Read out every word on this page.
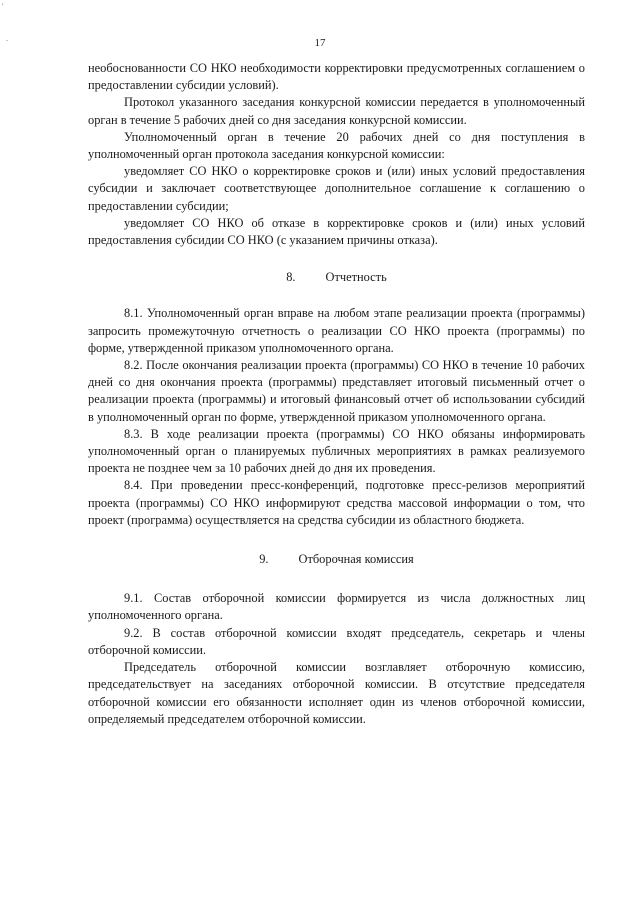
'
.	17

необоснованности СО НКО необходимости корректировки предусмотренных соглашением о предоставлении субсидии условий).

Протокол указанного заседания конкурсной комиссии передается в уполномоченный орган в течение 5 рабочих дней со дня заседания конкурсной комиссии.

Уполномоченный орган в течение 20 рабочих дней со дня поступления в уполномоченный орган протокола заседания конкурсной комиссии:

уведомляет СО НКО о корректировке сроков и (или) иных условий предоставления субсидии и заключает соответствующее дополнительное соглашение к соглашению о предоставлении субсидии;

уведомляет СО НКО об отказе в корректировке сроков и (или) иных условий предоставления субсидии СО НКО (с указанием причины отказа).

8. Отчетность

8.1. Уполномоченный орган вправе на любом этапе реализации проекта (программы) запросить промежуточную отчетность о реализации СО НКО проекта (программы) по форме, утвержденной приказом уполномоченного органа.

8.2. После окончания реализации проекта (программы) СО НКО в течение 10 рабочих дней со дня окончания проекта (программы) представляет итоговый письменный отчет о реализации проекта (программы) и итоговый финансовый отчет об использовании субсидий в уполномоченный орган по форме, утвержденной приказом уполномоченного органа.

8.3. В ходе реализации проекта (программы) СО НКО обязаны информировать уполномоченный орган о планируемых публичных мероприятиях в рамках реализуемого проекта не позднее чем за 10 рабочих дней до дня их проведения.

8.4. При проведении пресс-конференций, подготовке пресс-релизов мероприятий проекта (программы) СО НКО информируют средства массовой информации о том, что проект (программа) осуществляется на средства субсидии из областного бюджета.

9. Отборочная комиссия

9.1. Состав отборочной комиссии формируется из числа должностных лиц уполномоченного органа.

9.2. В состав отборочной комиссии входят председатель, секретарь и члены отборочной комиссии.

Председатель отборочной комиссии возглавляет отборочную комиссию, председательствует на заседаниях отборочной комиссии. В отсутствие председателя отборочной комиссии его обязанности исполняет один из членов отборочной комиссии, определяемый председателем отборочной комиссии.
